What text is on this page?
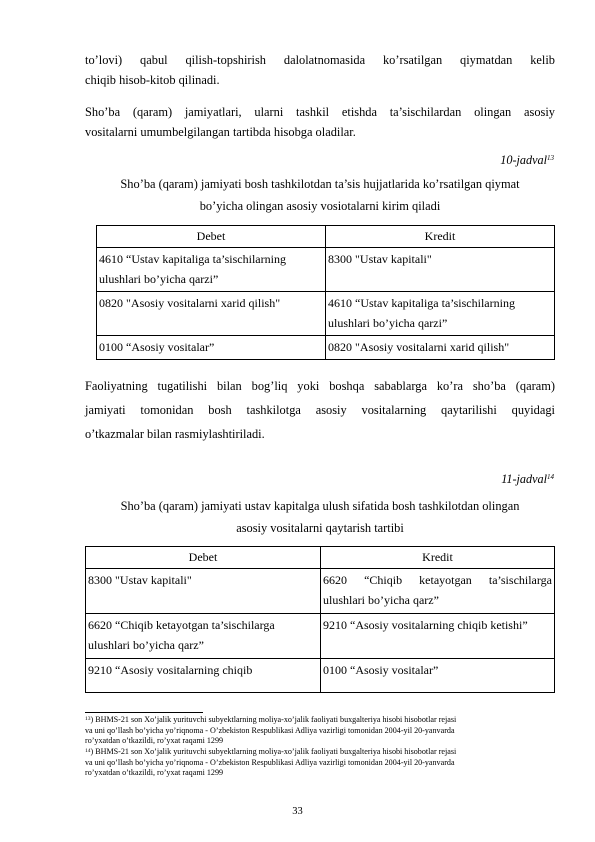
to’lovi) qabul qilish-topshirish dalolatnomasida ko’rsatilgan qiymatdan kelib
chiqib hisob-kitob qilinadi.
Sho’ba (qaram) jamiyatlari, ularni tashkil etishda ta’sischilardan olingan asosiy
vositalarni umumbelgilangan tartibda hisobga oladilar.
10-jadval$^{13}$
Sho’ba (qaram) jamiyati bosh tashkilotdan ta’sis hujjatlarida ko’rsatilgan qiymat
bo’yicha olingan asosiy vosiotalarni kirim qiladi
Debet	Kredit
4610 “Ustav kapitaliga ta’sischilarning ulushlari bo’yicha qarzi”	8300 "Ustav kapitali"
0820 "Asosiy vositalarni xarid qilish"	4610 “Ustav kapitaliga ta’sischilarning ulushlari bo’yicha qarzi”
0100 “Asosiy vositalar”	0820 "Asosiy vositalarni xarid qilish"
Faoliyatning tugatilishi bilan bog’liq yoki boshqa sabablarga ko’ra sho’ba (qaram)
jamiyati tomonidan bosh tashkilotga asosiy vositalarning qaytarilishi quyidagi
o’tkazmalar bilan rasmiylashtiriladi.
11-jadval$^{14}$
Sho’ba (qaram) jamiyati ustav kapitalga ulush sifatida bosh tashkilotdan olingan
asosiy vositalarni qaytarish tartibi
Debet	Kredit
8300 "Ustav kapitali"	6620 “Chiqib ketayotgan ta’sischilarga ulushlari bo’yicha qarz”
6620 “Chiqib ketayotgan ta’sischilarga ulushlari bo’yicha qarz”	9210 “Asosiy vositalarning chiqib ketishi”
9210 “Asosiy vositalarning chiqib	0100 “Asosiy vositalar”
$^{13}$) BHMS-21 son Xo’jalik yurituvchi subyektlarning moliya-xo’jalik faoliyati buxgalteriya hisobi hisobotlar rejasi
va uni qo’llash bo’yicha yo’riqnoma - O’zbekiston Respublikasi Adliya vazirligi tomonidan 2004-yil 20-yanvarda
ro’yxatdan o’tkazildi, ro’yxat raqami 1299
$^{14}$) BHMS-21 son Xo’jalik yurituvchi subyektlarning moliya-xo’jalik faoliyati buxgalteriya hisobi hisobotlar rejasi
va uni qo’llash bo’yicha yo’riqnoma - O’zbekiston Respublikasi Adliya vazirligi tomonidan 2004-yil 20-yanvarda
ro’yxatdan o’tkazildi, ro’yxat raqami 1299
33
